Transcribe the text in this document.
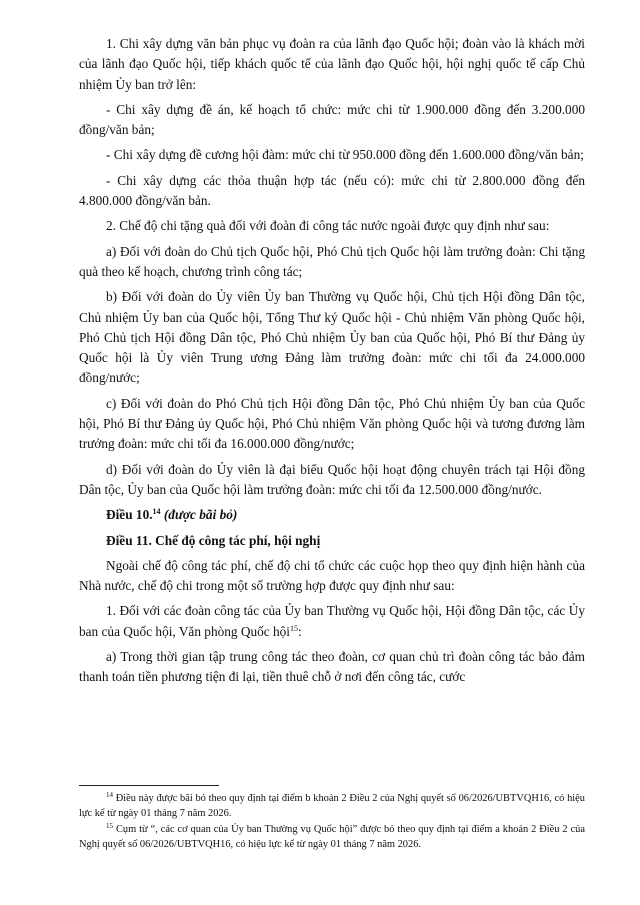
1. Chi xây dựng văn bản phục vụ đoàn ra của lãnh đạo Quốc hội; đoàn vào là khách mời của lãnh đạo Quốc hội, tiếp khách quốc tế của lãnh đạo Quốc hội, hội nghị quốc tế cấp Chủ nhiệm Ủy ban trở lên:

- Chi xây dựng đề án, kế hoạch tổ chức: mức chi từ 1.900.000 đồng đến 3.200.000 đồng/văn bản;

- Chi xây dựng đề cương hội đàm: mức chi từ 950.000 đồng đến 1.600.000 đồng/văn bản;

- Chi xây dựng các thỏa thuận hợp tác (nếu có): mức chi từ 2.800.000 đồng đến 4.800.000 đồng/văn bản.

2. Chế độ chi tặng quà đối với đoàn đi công tác nước ngoài được quy định như sau:

a) Đối với đoàn do Chủ tịch Quốc hội, Phó Chủ tịch Quốc hội làm trưởng đoàn: Chi tặng quà theo kế hoạch, chương trình công tác;

b) Đối với đoàn do Ủy viên Ủy ban Thường vụ Quốc hội, Chủ tịch Hội đồng Dân tộc, Chủ nhiệm Ủy ban của Quốc hội, Tổng Thư ký Quốc hội - Chủ nhiệm Văn phòng Quốc hội, Phó Chủ tịch Hội đồng Dân tộc, Phó Chủ nhiệm Ủy ban của Quốc hội, Phó Bí thư Đảng ủy Quốc hội là Ủy viên Trung ương Đảng làm trưởng đoàn: mức chi tối đa 24.000.000 đồng/nước;

c) Đối với đoàn do Phó Chủ tịch Hội đồng Dân tộc, Phó Chủ nhiệm Ủy ban của Quốc hội, Phó Bí thư Đảng ủy Quốc hội, Phó Chủ nhiệm Văn phòng Quốc hội và tương đương làm trưởng đoàn: mức chi tối đa 16.000.000 đồng/nước;

d) Đối với đoàn do Ủy viên là đại biểu Quốc hội hoạt động chuyên trách tại Hội đồng Dân tộc, Ủy ban của Quốc hội làm trưởng đoàn: mức chi tối đa 12.500.000 đồng/nước.

Điều 10.14 (được bãi bỏ)

Điều 11. Chế độ công tác phí, hội nghị

Ngoài chế độ công tác phí, chế độ chi tổ chức các cuộc họp theo quy định hiện hành của Nhà nước, chế độ chi trong một số trường hợp được quy định như sau:

1. Đối với các đoàn công tác của Ủy ban Thường vụ Quốc hội, Hội đồng Dân tộc, các Ủy ban của Quốc hội, Văn phòng Quốc hội$^{15}$:

a) Trong thời gian tập trung công tác theo đoàn, cơ quan chủ trì đoàn công tác bảo đảm thanh toán tiền phương tiện đi lại, tiền thuê chỗ ở nơi đến công tác, cước

$^{14}$ Điều này được bãi bỏ theo quy định tại điểm b khoản 2 Điều 2 của Nghị quyết số 06/2026/UBTVQH16, có hiệu lực kể từ ngày 01 tháng 7 năm 2026.

$^{15}$ Cụm từ “, các cơ quan của Ủy ban Thường vụ Quốc hội” được bỏ theo quy định tại điểm a khoản 2 Điều 2 của Nghị quyết số 06/2026/UBTVQH16, có hiệu lực kể từ ngày 01 tháng 7 năm 2026.
